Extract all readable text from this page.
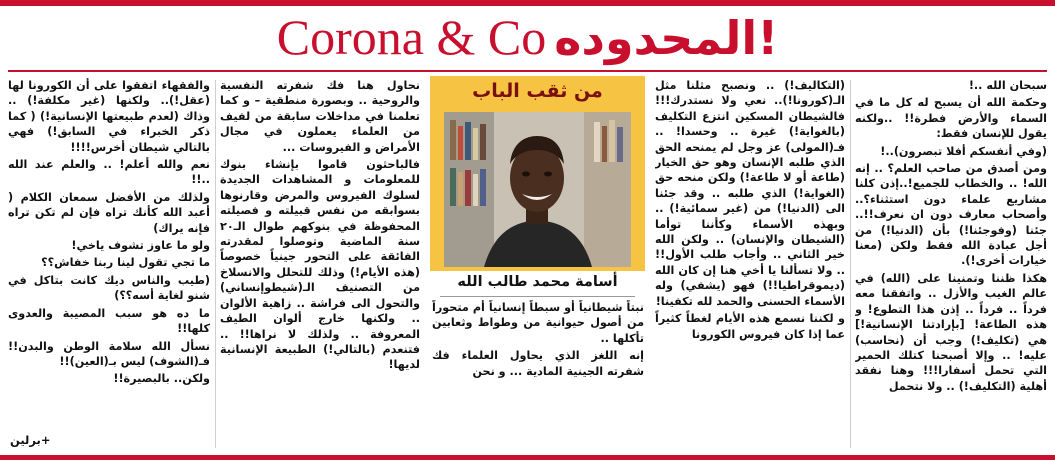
Corona & Co المحدوده!

سبحان الله ..!

وحكمة الله أن يسبح له كل ما في السماء والأرض فطرة!! ..ولكنه يقول للإنسان فقط:

(وفي أنفسكم أفلا تبصرون)..!

ومن أصدق من صاحب العلم؟ .. إنه الله! .. والخطاب للجميع!..إذن كلنا مشاريع علماء دون استثناء؟.. وأصحاب معارف دون ان نعرف!!.. جئنا (وفوجئنا!) بأن (الدنيا!) من أجل عبادة الله فقط ولكن (معنا خيارات أخرى!).

هكذا ظننا وتمنينا على (الله) في عالم الغيب والأزل .. واتفقنا معه فرداً .. فرداً .. إذن هذا التطوع! و هذه الطاعة! [بإرادتنا الإنسانية!] هي (تكليف!) وجب أن (نحاسب) عليه! .. وإلا أصبحنا كتلك الحمير التي تحمل أسفارا!!! وهنا نفقد أهلية (التكليف!) .. ولا نتحمل

(التكاليف!) .. ونصبح مثلنا مثل الـ(كورونا!).. نعي ولا نستدرك!!! فالشيطان المسكين انتزع التكليف (بالغواية!) غيرة .. وحسدا! .. فـ(المولى) عز وجل لم يمنحه الحق الذي طلبه الإنسان وهو حق الخيار (طاعة أو لا طاعة!) ولكن منحه حق (الغواية!) الذي طلبه .. وقد جئنا الى (الدنيا!) من (غير سمائية!) .. وبهذه الأسماء وكأننا توأما (الشيطان والإنسان) .. ولكن الله خير الثاني .. وأجاب طلب الأول!! .. ولا تسألنا يا أخي هنا إن كان الله (ديموقراطيا!!) فهو (يشفي) وله الأسماء الحسنى والحمد لله تكفينا!

و لكننا نسمع هذه الأيام لغطاً كثيراً عما إذا كان فيروس الكورونا

من ثقب الباب
أسامة محمد طالب الله

نبتاً شيطانياً أو سبطاً إنسانياً أم متحوراً من أصول حيوانية من وطواط وثعابين تأكلها ..

إنه اللغز الذي يحاول العلماء فك شفرته الجينية المادية ... و نحن

نحاول هنا فك شفرته النفسية والروحية .. وبصورة منطقية – و كما تعلمنا في مداخلات سابقة من لفيف من العلماء يعملون في مجال الأمراض و الفيروسات ...

فالباحثون قاموا بإنشاء بنوك للمعلومات و المشاهدات الجديدة لسلوك الفيروس والمرض وقارنوها بسوابقه من نفس قبيلته و فصيلته المحفوظة في بنوكهم طوال الـ٢٠ سنة الماضية وتوصلوا لمقدرته الفائقة على التحور جينياً خصوصاً (هذه الأيام!) وذلك للتحلل والانسلاخ من التصنيف الـ(شيطوإنساني) والتحول الى فراشة .. زاهية الألوان .. ولكنها خارج ألوان الطيف المعروفة .. ولذلك لا نراها!! .. فتنعدم (بالتالي!) الطبيعة الإنسانية لديها!

والفقهاء اتفقوا على أن الكورونا لها (عقل!).. ولكنها (غير مكلفة!) .. وذاك (لعدم طبيعتها الإنسانية!) ( كما ذكر الخبراء في السابق!) فهي بالتالي شيطان أخرس!!!!

نعم والله أعلم! .. والعلم عند الله ..!!

ولذلك من الأفضل سمعان الكلام ( أعبد الله كأنك تراه فإن لم تكن تراه فإنه يراك)

ولو ما عاوز تشوف ياخي!

ما تجي تقول لينا ربنا خفاش؟؟

(طيب والناس ديك كانت بتاكل في شنو لغاية أسه؟؟)

ما ده هو سبب المصيبة والعدوى كلها!!

نسأل الله سلامة الوطن والبدن!! فـ(الشوف) ليس بـ(العين)!!

ولكن.. بالبصيرة!!

+برلين
